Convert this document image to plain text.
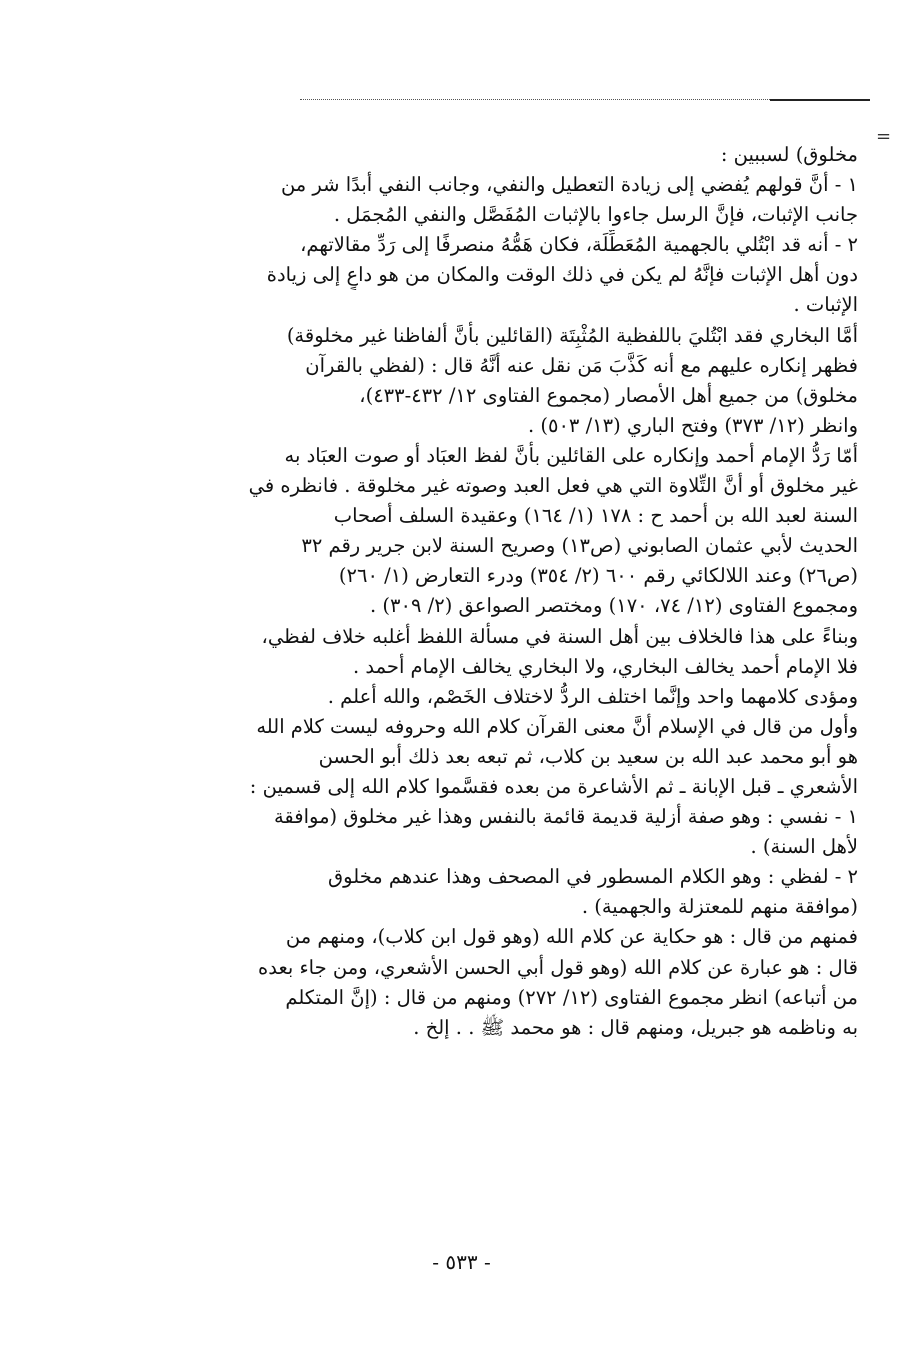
=
مخلوق) لسببين :
١ - أنَّ قولهم يُفضي إلى زيادة التعطيل والنفي، وجانب النفي أبدًا شر من
جانب الإثبات، فإنَّ الرسل جاءوا بالإثبات المُفَصَّل والنفي المُجمَل .
٢ - أنه قد ابْتُلي بالجهمية المُعَطِّلَة، فكان هَمُّهُ منصرفًا إلى رَدِّ مقالاتهم،
دون أهل الإثبات فإنَّهُ لم يكن في ذلك الوقت والمكان من هو داعٍ إلى زيادة
الإثبات .
أمَّا البخاري فقد ابْتُليَ باللفظية المُثْبِتَة (القائلين بأنَّ ألفاظنا غير مخلوقة)
فظهر إنكاره عليهم مع أنه كَذَّبَ مَن نقل عنه أنَّهُ قال : (لفظي بالقرآن
مخلوق) من جميع أهل الأمصار (مجموع الفتاوى ١٢/ ٤٣٢-٤٣٣)،
وانظر (١٢/ ٣٧٣) وفتح الباري (١٣/ ٥٠٣) .
أمّا رَدُّ الإمام أحمد وإنكاره على القائلين بأنَّ لفظ العبَاد أو صوت العبَاد به
غير مخلوق أو أنَّ التِّلاوة التي هي فعل العبد وصوته غير مخلوقة . فانظره في
السنة لعبد الله بن أحمد ح : ١٧٨ (١/ ١٦٤) وعقيدة السلف أصحاب
الحديث لأبي عثمان الصابوني (ص١٣) وصريح السنة لابن جرير رقم ٣٢
(ص٢٦) وعند اللالكائي رقم ٦٠٠ (٢/ ٣٥٤) ودرء التعارض (١/ ٢٦٠)
ومجموع الفتاوى (١٢/ ٧٤، ١٧٠) ومختصر الصواعق (٢/ ٣٠٩) .
وبناءً على هذا فالخلاف بين أهل السنة في مسألة اللفظ أغلبه خلاف لفظي،
فلا الإمام أحمد يخالف البخاري، ولا البخاري يخالف الإمام أحمد .
ومؤدى كلامهما واحد وإنَّما اختلف الردُّ لاختلاف الخَصْم، والله أعلم .
وأول من قال في الإسلام أنَّ معنى القرآن كلام الله وحروفه ليست كلام الله
هو أبو محمد عبد الله بن سعيد بن كلاب، ثم تبعه بعد ذلك أبو الحسن
الأشعري ـ قبل الإبانة ـ ثم الأشاعرة من بعده فقسَّموا كلام الله إلى قسمين :
١ - نفسي : وهو صفة أزلية قديمة قائمة بالنفس وهذا غير مخلوق (موافقة
لأهل السنة) .
٢ - لفظي : وهو الكلام المسطور في المصحف وهذا عندهم مخلوق
(موافقة منهم للمعتزلة والجهمية) .
فمنهم من قال : هو حكاية عن كلام الله (وهو قول ابن كلاب)، ومنهم من
قال : هو عبارة عن كلام الله (وهو قول أبي الحسن الأشعري، ومن جاء بعده
من أتباعه) انظر مجموع الفتاوى (١٢/ ٢٧٢) ومنهم من قال : (إنَّ المتكلم
به وناظمه هو جبريل، ومنهم قال : هو محمد ﷺ . . إلخ .
- ٥٣٣ -
